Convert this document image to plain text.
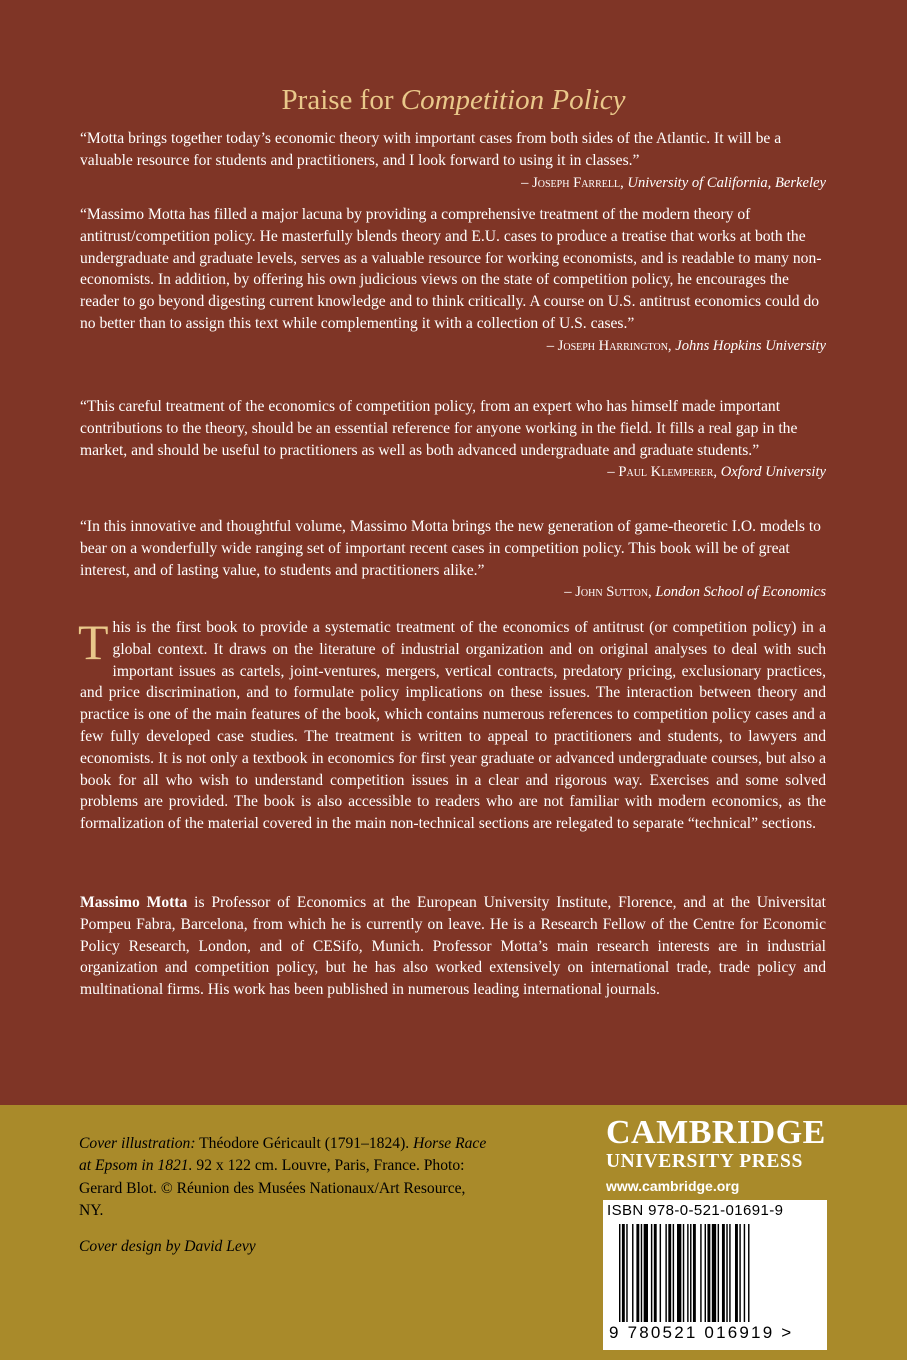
Praise for Competition Policy

“Motta brings together today’s economic theory with important cases from both sides of the Atlantic. It will be a valuable resource for students and practitioners, and I look forward to using it in classes.”

– Joseph Farrell, University of California, Berkeley

“Massimo Motta has filled a major lacuna by providing a comprehensive treatment of the modern theory of antitrust/competition policy. He masterfully blends theory and E.U. cases to produce a treatise that works at both the undergraduate and graduate levels, serves as a valuable resource for working economists, and is readable to many non-economists. In addition, by offering his own judicious views on the state of competition policy, he encourages the reader to go beyond digesting current knowledge and to think critically. A course on U.S. antitrust economics could do no better than to assign this text while complementing it with a collection of U.S. cases.”

– Joseph Harrington, Johns Hopkins University

“This careful treatment of the economics of competition policy, from an expert who has himself made important contributions to the theory, should be an essential reference for anyone working in the field. It fills a real gap in the market, and should be useful to practitioners as well as both advanced undergraduate and graduate students.”

– Paul Klemperer, Oxford University

“In this innovative and thoughtful volume, Massimo Motta brings the new generation of game-theoretic I.O. models to bear on a wonderfully wide ranging set of important recent cases in competition policy. This book will be of great interest, and of lasting value, to students and practitioners alike.”

– John Sutton, London School of Economics

This is the first book to provide a systematic treatment of the economics of antitrust (or competition policy) in a global context. It draws on the literature of industrial organization and on original analyses to deal with such important issues as cartels, joint-ventures, mergers, vertical contracts, predatory pricing, exclusionary practices, and price discrimination, and to formulate policy implications on these issues. The interaction between theory and practice is one of the main features of the book, which contains numerous references to competition policy cases and a few fully developed case studies. The treatment is written to appeal to practitioners and students, to lawyers and economists. It is not only a textbook in economics for first year graduate or advanced undergraduate courses, but also a book for all who wish to understand competition issues in a clear and rigorous way. Exercises and some solved problems are provided. The book is also accessible to readers who are not familiar with modern economics, as the formalization of the material covered in the main non-technical sections are relegated to separate “technical” sections.

Massimo Motta is Professor of Economics at the European University Institute, Florence, and at the Universitat Pompeu Fabra, Barcelona, from which he is currently on leave. He is a Research Fellow of the Centre for Economic Policy Research, London, and of CESifo, Munich. Professor Motta’s main research interests are in industrial organization and competition policy, but he has also worked extensively on international trade, trade policy and multinational firms. His work has been published in numerous leading international journals.

Cover illustration: Théodore Géricault (1791–1824). Horse Race at Epsom in 1821. 92 x 122 cm. Louvre, Paris, France. Photo: Gerard Blot. © Réunion des Musées Nationaux/Art Resource, NY.
Cover design by David Levy
CAMBRIDGE
UNIVERSITY PRESS
www.cambridge.org
ISBN 978-0-521-01691-9
9 780521 016919 >
